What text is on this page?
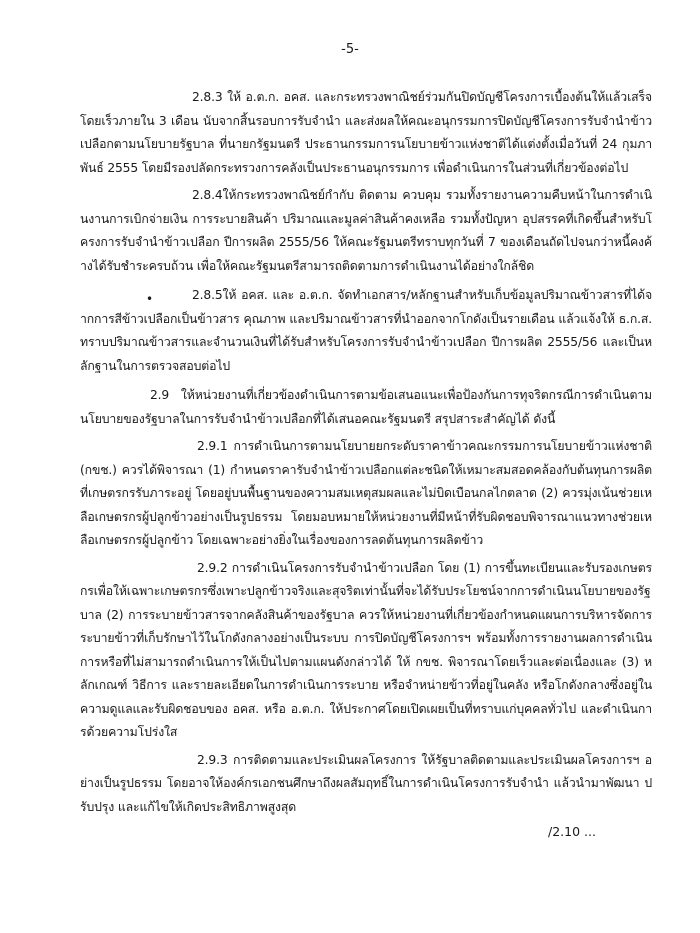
-5-

2.8.3 ให้ อ.ต.ก. อคส. และกระทรวงพาณิชย์ร่วมกันปิดบัญชีโครงการเบื้องต้นให้แล้วเสร็จโดยเร็วภายใน 3 เดือน นับจากสิ้นรอบการรับจำนำ และส่งผลให้คณะอนุกรรมการปิดบัญชีโครงการรับจำนำข้าวเปลือกตามนโยบายรัฐบาล ที่นายกรัฐมนตรี ประธานกรรมการนโยบายข้าวแห่งชาติได้แต่งตั้งเมื่อวันที่ 24 กุมภาพันธ์ 2555 โดยมีรองปลัดกระทรวงการคลังเป็นประธานอนุกรรมการ เพื่อดำเนินการในส่วนที่เกี่ยวข้องต่อไป

2.8.4ให้กระทรวงพาณิชย์กำกับ ติดตาม ควบคุม รวมทั้งรายงานความคืบหน้าในการดำเนินงานการเบิกจ่ายเงิน การระบายสินค้า ปริมาณและมูลค่าสินค้าคงเหลือ รวมทั้งปัญหา อุปสรรคที่เกิดขึ้นสำหรับโครงการรับจำนำข้าวเปลือก ปีการผลิต 2555/56 ให้คณะรัฐมนตรีทราบทุกวันที่ 7 ของเดือนถัดไปจนกว่าหนี้คงค้างได้รับชำระครบถ้วน เพื่อให้คณะรัฐมนตรีสามารถติดตามการดำเนินงานได้อย่างใกล้ชิด

•	2.8.5ให้ อคส. และ อ.ต.ก. จัดทำเอกสาร/หลักฐานสำหรับเก็บข้อมูลปริมาณข้าวสารที่ได้จากการสีข้าวเปลือกเป็นข้าวสาร คุณภาพ และปริมาณข้าวสารที่นำออกจากโกดังเป็นรายเดือน แล้วแจ้งให้ ธ.ก.ส. ทราบปริมาณข้าวสารและจำนวนเงินที่ได้รับสำหรับโครงการรับจำนำข้าวเปลือก ปีการผลิต 2555/56 และเป็นหลักฐานในการตรวจสอบต่อไป

2.9 ให้หน่วยงานที่เกี่ยวข้องดำเนินการตามข้อเสนอแนะเพื่อป้องกันการทุจริตกรณีการดำเนินตามนโยบายของรัฐบาลในการรับจำนำข้าวเปลือกที่ได้เสนอคณะรัฐมนตรี สรุปสาระสำคัญได้ ดังนี้

2.9.1 การดำเนินการตามนโยบายยกระดับราคาข้าวคณะกรรมการนโยบายข้าวแห่งชาติ (กขช.) ควรได้พิจารณา (1) กำหนดราคารับจำนำข้าวเปลือกแต่ละชนิดให้เหมาะสมสอดคล้องกับต้นทุนการผลิตที่เกษตรกรรับภาระอยู่ โดยอยู่บนพื้นฐานของความสมเหตุสมผลและไม่บิดเบือนกลไกตลาด (2) ควรมุ่งเน้นช่วยเหลือเกษตรกรผู้ปลูกข้าวอย่างเป็นรูปธรรม โดยมอบหมายให้หน่วยงานที่มีหน้าที่รับผิดชอบพิจารณาแนวทางช่วยเหลือเกษตรกรผู้ปลูกข้าว โดยเฉพาะอย่างยิ่งในเรื่องของการลดต้นทุนการผลิตข้าว

2.9.2 การดำเนินโครงการรับจำนำข้าวเปลือก โดย (1) การขึ้นทะเบียนและรับรองเกษตรกรเพื่อให้เฉพาะเกษตรกรซึ่งเพาะปลูกข้าวจริงและสุจริตเท่านั้นที่จะได้รับประโยชน์จากการดำเนินนโยบายของรัฐบาล (2) การระบายข้าวสารจากคลังสินค้าของรัฐบาล ควรให้หน่วยงานที่เกี่ยวข้องกำหนดแผนการบริหารจัดการระบายข้าวที่เก็บรักษาไว้ในโกดังกลางอย่างเป็นระบบ การปิดบัญชีโครงการฯ พร้อมทั้งการรายงานผลการดำเนินการหรือที่ไม่สามารถดำเนินการให้เป็นไปตามแผนดังกล่าวได้ ให้ กขช. พิจารณาโดยเร็วและต่อเนื่องและ (3) หลักเกณฑ์ วิธีการ และรายละเอียดในการดำเนินการระบาย หรือจำหน่ายข้าวที่อยู่ในคลัง หรือโกดังกลางซึ่งอยู่ในความดูแลและรับผิดชอบของ อคส. หรือ อ.ต.ก. ให้ประกาศโดยเปิดเผยเป็นที่ทราบแก่บุคคลทั่วไป และดำเนินการด้วยความโปร่งใส

2.9.3 การติดตามและประเมินผลโครงการ ให้รัฐบาลติดตามและประเมินผลโครงการฯ อย่างเป็นรูปธรรม โดยอาจให้องค์กรเอกชนศึกษาถึงผลสัมฤทธิ์ในการดำเนินโครงการรับจำนำ แล้วนำมาพัฒนา ปรับปรุง และแก้ไขให้เกิดประสิทธิภาพสูงสุด

/2.10 ...
